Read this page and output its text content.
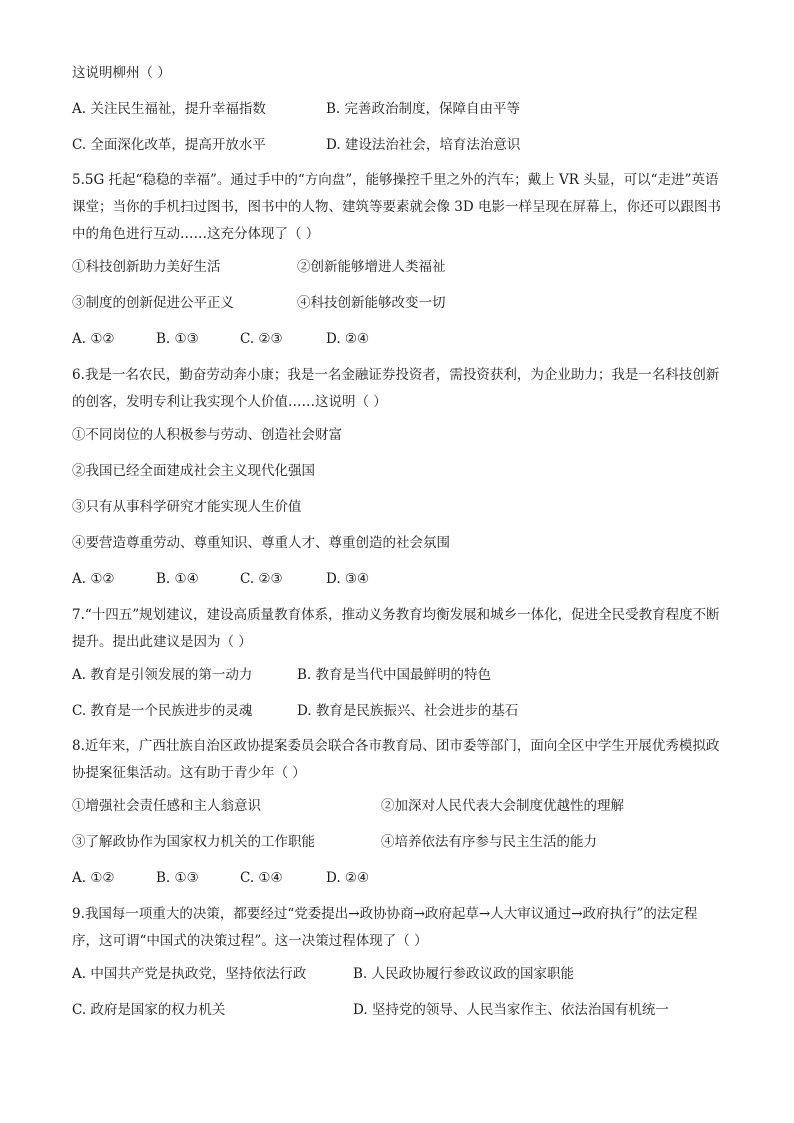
这说明柳州（ ）
A. 关注民生福祉，提升幸福指数	B. 完善政治制度，保障自由平等
C. 全面深化改革，提高开放水平	D. 建设法治社会，培育法治意识
5.5G 托起“稳稳的幸福”。通过手中的“方向盘”，能够操控千里之外的汽车；戴上 VR 头显，可以“走进”英语课堂；当你的手机扫过图书，图书中的人物、建筑等要素就会像 3D 电影一样呈现在屏幕上，你还可以跟图书中的角色进行互动……这充分体现了（ ）
①科技创新助力美好生活	②创新能够增进人类福祉
③制度的创新促进公平正义	④科技创新能够改变一切
A. ①②	B. ①③	C. ②③	D. ②④
6.我是一名农民，勤奋劳动奔小康；我是一名金融证券投资者，需投资获利，为企业助力；我是一名科技创新的创客，发明专利让我实现个人价值……这说明（ ）
①不同岗位的人积极参与劳动、创造社会财富
②我国已经全面建成社会主义现代化强国
③只有从事科学研究才能实现人生价值
④要营造尊重劳动、尊重知识、尊重人才、尊重创造的社会氛围
A. ①②	B. ①④	C. ②③	D. ③④
7.“十四五”规划建议，建设高质量教育体系，推动义务教育均衡发展和城乡一体化，促进全民受教育程度不断提升。提出此建议是因为（ ）
A. 教育是引领发展的第一动力	B. 教育是当代中国最鲜明的特色
C. 教育是一个民族进步的灵魂	D. 教育是民族振兴、社会进步的基石
8.近年来，广西壮族自治区政协提案委员会联合各市教育局、团市委等部门，面向全区中学生开展优秀模拟政协提案征集活动。这有助于青少年（ ）
①增强社会责任感和主人翁意识	②加深对人民代表大会制度优越性的理解
③了解政协作为国家权力机关的工作职能	④培养依法有序参与民主生活的能力
A. ①②	B. ①③	C. ①④	D. ②④
9.我国每一项重大的决策，都要经过“党委提出→政协协商→政府起草→人大审议通过→政府执行”的法定程序，这可谓“中国式的决策过程”。这一决策过程体现了（ ）
A. 中国共产党是执政党，坚持依法行政	B. 人民政协履行参政议政的国家职能
C. 政府是国家的权力机关	D. 坚持党的领导、人民当家作主、依法治国有机统一
